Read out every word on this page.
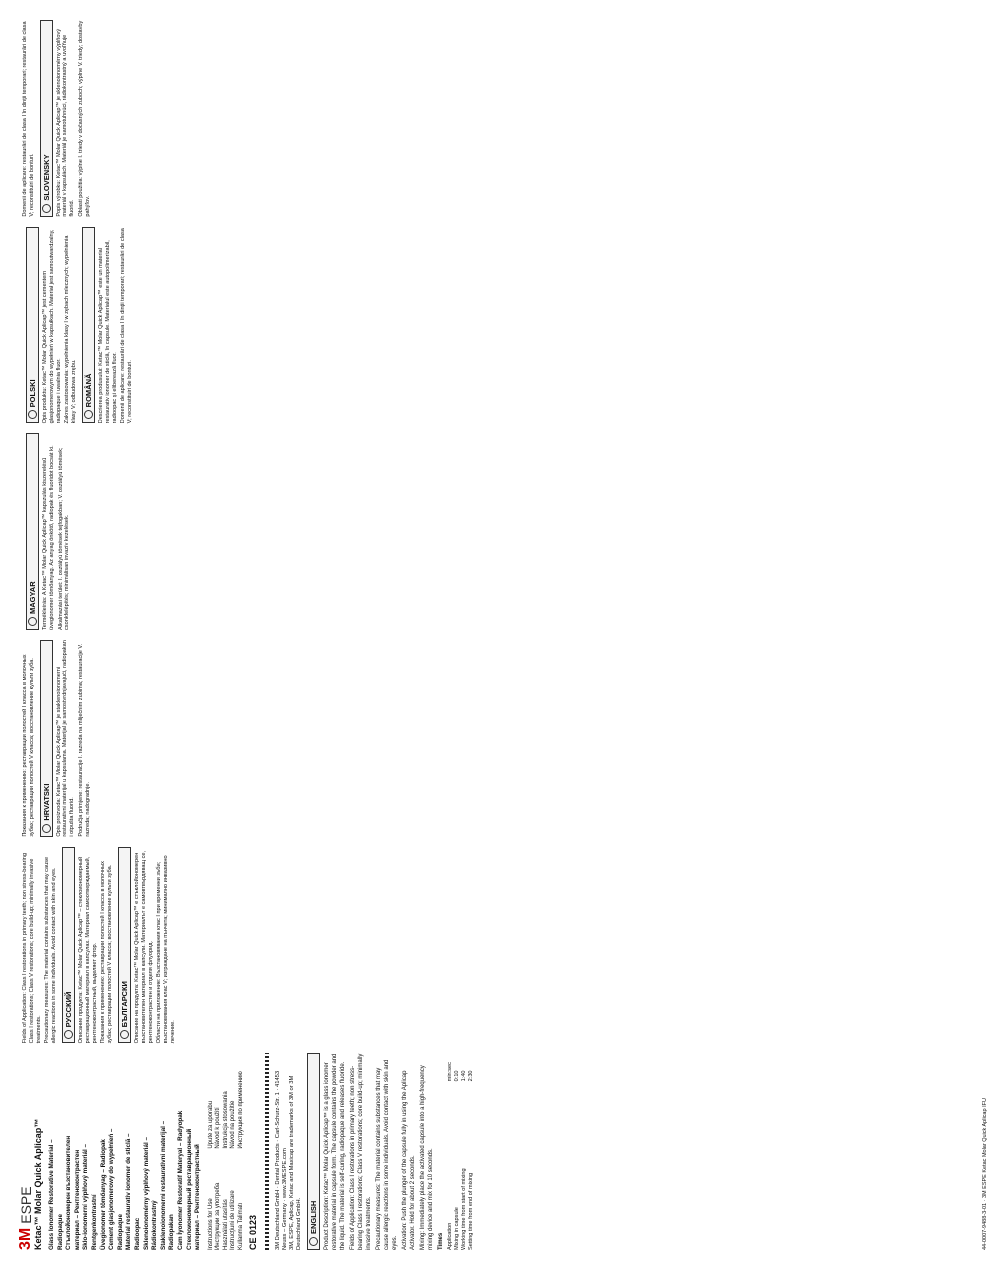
3M
ESPE Ketac™ Molar Quick Aplicap™ Glass Ionomer Restorative Material – Radiopaque Стъклойономерен възстановителен материал – Рентгеноконтрастен Sklo-ionomerní výplňový materiál – Rentgenkontrastní Üvegionomer tömőanyag – Radiopak Cement glasjonomerowy do wypełnień – Radiopaque Material restaurativ ionomer de sticlă – Radioopac Sklenoionomérny výplňový materiál – Rádiokontrastný Staklenoionomerni restaurativni materijal – Radiopakan Cam İyonomer Restoratif Materyal – Radyopak Стеклоиономерный реставрационный материал – Рентгеноконтрастный Instructions for Use
Upute za uporabu
Инструкции за употреба
Návod k použití
Használati utasítás
Instrukcja stosowania
Instrucţiuni de utilizare
Návod na použitie
Kullanma Talimatı
Инструкция по применению
CE 0123	3M Deutschland GmbH · Dental Products · Carl-Schurz-Str. 1 · 41453 Neuss – Germany · www.3MESPE.com 3M, ESPE, Aplicap, Ketac and Maxicap are trademarks of 3M or 3M Deutschland GmbH. ENGLISH Product Description: Ketac™ Molar Quick Aplicap™ is a glass ionomer restorative material in capsule form. The capsule contains the powder and the liquid. The material is self-curing, radiopaque and releases fluoride. Fields of Application: Class I restorations in primary teeth; non stress-bearing Class I restorations; Class V restorations; core build-up; minimally invasive treatments. Precautionary measures: The material contains substances that may cause allergic reactions in some individuals. Avoid contact with skin and eyes. Activation: Push the plunger of the capsule fully in using the Aplicap Activator. Hold for about 2 seconds. Mixing: Immediately place the activated capsule into a high-frequency mixing device and mix for 10 seconds. Times Application
min:sec
Mixing in capsule
0:10
Working time from start of mixing
1:40
Setting time from end of mixing
2:30

Fields of Application: Class I restorations in primary teeth; non stress-bearing Class I restorations; Class V restorations; core build-up; minimally invasive treatments. Precautionary measures: The material contains substances that may cause allergic reactions in some individuals. Avoid contact with skin and eyes. РУССКИЙ Описание продукта: Ketac™ Molar Quick Aplicap™ – стеклоиономерный реставрационный материал в капсулах. Материал самоотверждаемый, рентгеноконтрастный, выделяет фтор. Показания к применению: реставрации полостей I класса в молочных зубах; реставрации полостей V класса; восстановление культи зуба. БЪЛГАРСКИ Описание на продукта: Ketac™ Molar Quick Aplicap™ е стъклойономерен възстановителен материал в капсули. Материалът е самовтвърдяващ се, рентгеноконтрастен и отделя флуорид. Области на приложение: Възстановявания клас I при временни зъби; възстановявания клас V; изграждане на пънчета; минимално инвазивно лечение.

Показания к применению: реставрации полостей I класса в молочных зубах; реставрации полостей V класса; восстановление культи зуба. HRVATSKI Opis proizvoda: Ketac™ Molar Quick Aplicap™ je staklenoionomerni restaurativni materijal u kapsulama. Materijal je samostvrdnjavajući, radiopakan i otpušta fluorid. Područja primjene: restauracije I. razreda na mliječnim zubima; restauracije V. razreda; nadogradnje.

MAGYAR Termékleírás: A Ketac™ Molar Quick Aplicap™ kapszulás kiszerelésű üvegionomer tömőanyag. Az anyag önkötő, radiopak és fluoridot bocsát ki. Alkalmazási terület: I. osztályú tömések tejfogakban; V. osztályú tömések; csonkfelépítés; minimálisan invazív kezelések.

POLSKI Opis produktu: Ketac™ Molar Quick Aplicap™ jest cementem glasjonomerowym do wypełnień w kapsułkach. Materiał jest samoutwardzalny, radiopaque i uwalnia fluor. Zakres zastosowania: wypełnienia klasy I w zębach mlecznych; wypełnienia klasy V; odbudowa zrębu. ROMÂNĂ Descrierea produsului: Ketac™ Molar Quick Aplicap™ este un material restaurativ ionomer de sticlă, în capsule. Materialul este autopolimerizabil, radioopac şi eliberează fluor. Domenii de aplicare: restaurări de clasa I în dinţii temporari; restaurări de clasa V; reconstituiri de bonturi.

Domenii de aplicare: restaurări de clasa I în dinţii temporari; restaurări de clasa V; reconstituiri de bonturi. SLOVENSKY Popis výrobku: Ketac™ Molar Quick Aplicap™ je sklenoionomérny výplňový materiál v kapsulách. Materiál je samotuhnúci, rádiokontrastný a uvoľňuje fluorid. Oblasti použitia: výplne I. triedy v dočasných zuboch; výplne V. triedy; dostavby pahýľov.

44-0007-9488-3-01 · 3M ESPE Ketac Molar Quick Aplicap IFU
